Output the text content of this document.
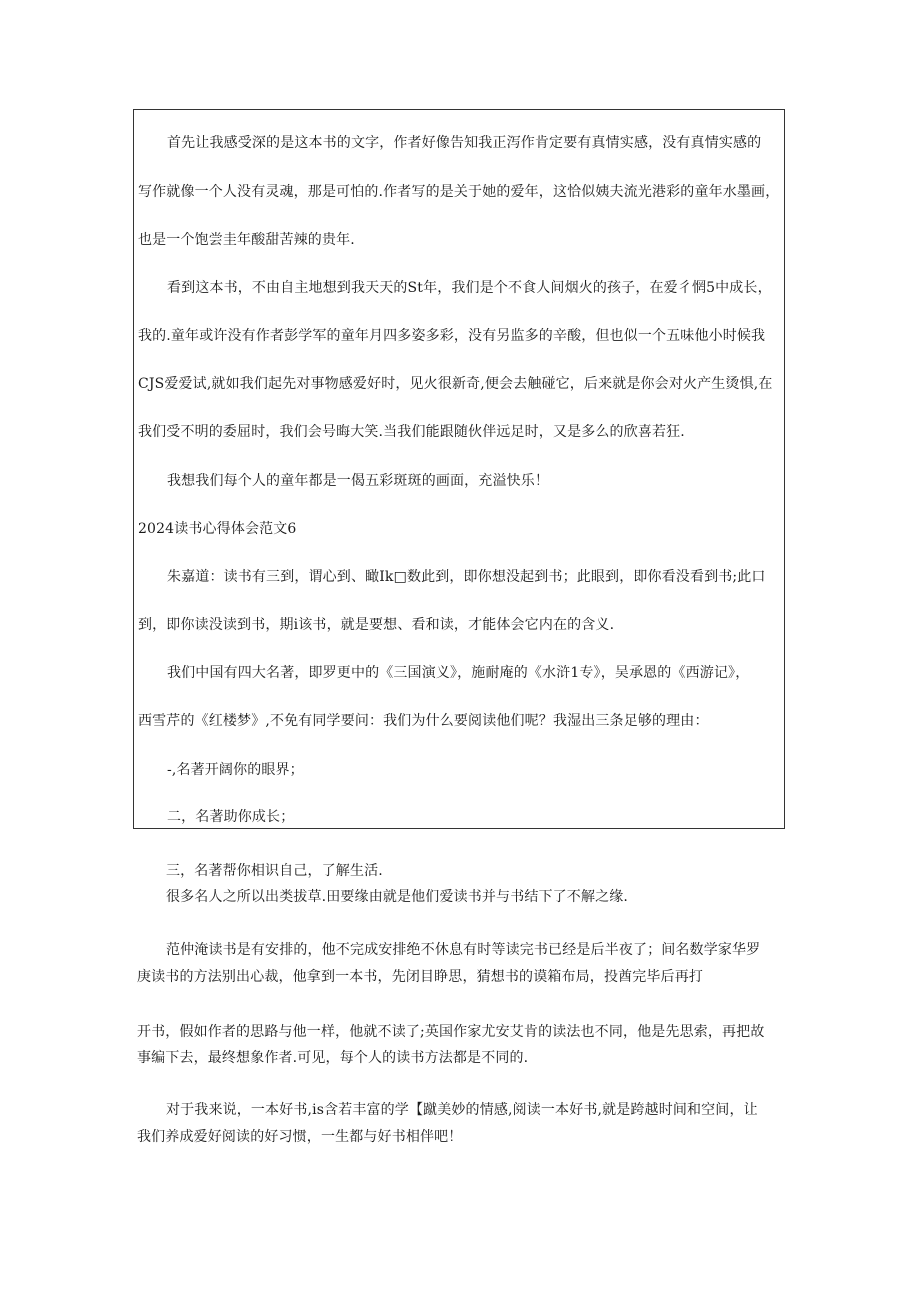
首先让我感受深的是这本书的文字，作者好像告知我正泻作肯定要有真情实感，没有真情实感的
写作就像一个人没有灵魂，那是可怕的.作者写的是关于她的爱年，这恰似姨夫流光港彩的童年水墨画，
也是一个饱尝圭年酸甜苦辣的贵年.
看到这本书，不由自主地想到我天天的St年，我们是个不食人间烟火的孩子，在爱彳惘5中成长，
我的.童年或许没有作者彭学军的童年月四多姿多彩，没有另监多的辛酸，但也似一个五味他小时候我
CJS爱爱试,就如我们起先对事物感爱好时，见火很新奇,便会去触碰它，后来就是你会对火产生烫惧,在
我们受不明的委屈时，我们会号晦大笑.当我们能跟随伙伴远足时，又是多么的欣喜若狂.
我想我们每个人的童年都是一偈五彩斑斑的画面，充溢快乐！
2024读书心得体会范文6
朱嘉道：读书有三到，谓心到、瞰Ik□数此到，即你想没起到书；此眼到，即你看没看到书;此口
到，即你读没读到书，期i该书，就是要想、看和读，才能体会它内在的含义.
我们中国有四大名著，即罗更中的《三国演义》，施耐庵的《水浒1专》，吴承恩的《西游记》，
西雪芹的《红楼梦》,不免有同学要问：我们为什么要阅读他们呢？我湿出三条足够的理由：
-,名著开阔你的眼界；
二，名著助你成长；
三，名著帮你相识自己，了解生活.
很多名人之所以出类拔草.田要缘由就是他们爱读书并与书结下了不解之缘.
范仲淹读书是有安排的，他不完成安排绝不休息有时等读完书已经是后半夜了；间名数学家华罗
庚读书的方法别出心裁，他拿到一本书，先闭目睁思，猜想书的谟箱布局，投酋完毕后再打
开书，假如作者的思路与他一样，他就不读了;英国作家尤安艾肯的读法也不同，他是先思索，再把故
事编下去，最终想象作者.可见，每个人的读书方法都是不同的.
对于我来说，一本好书,is含若丰富的学【蹴美妙的情感,阅读一本好书,就是跨越时间和空间，让
我们养成爱好阅读的好习惯，一生都与好书相伴吧！
